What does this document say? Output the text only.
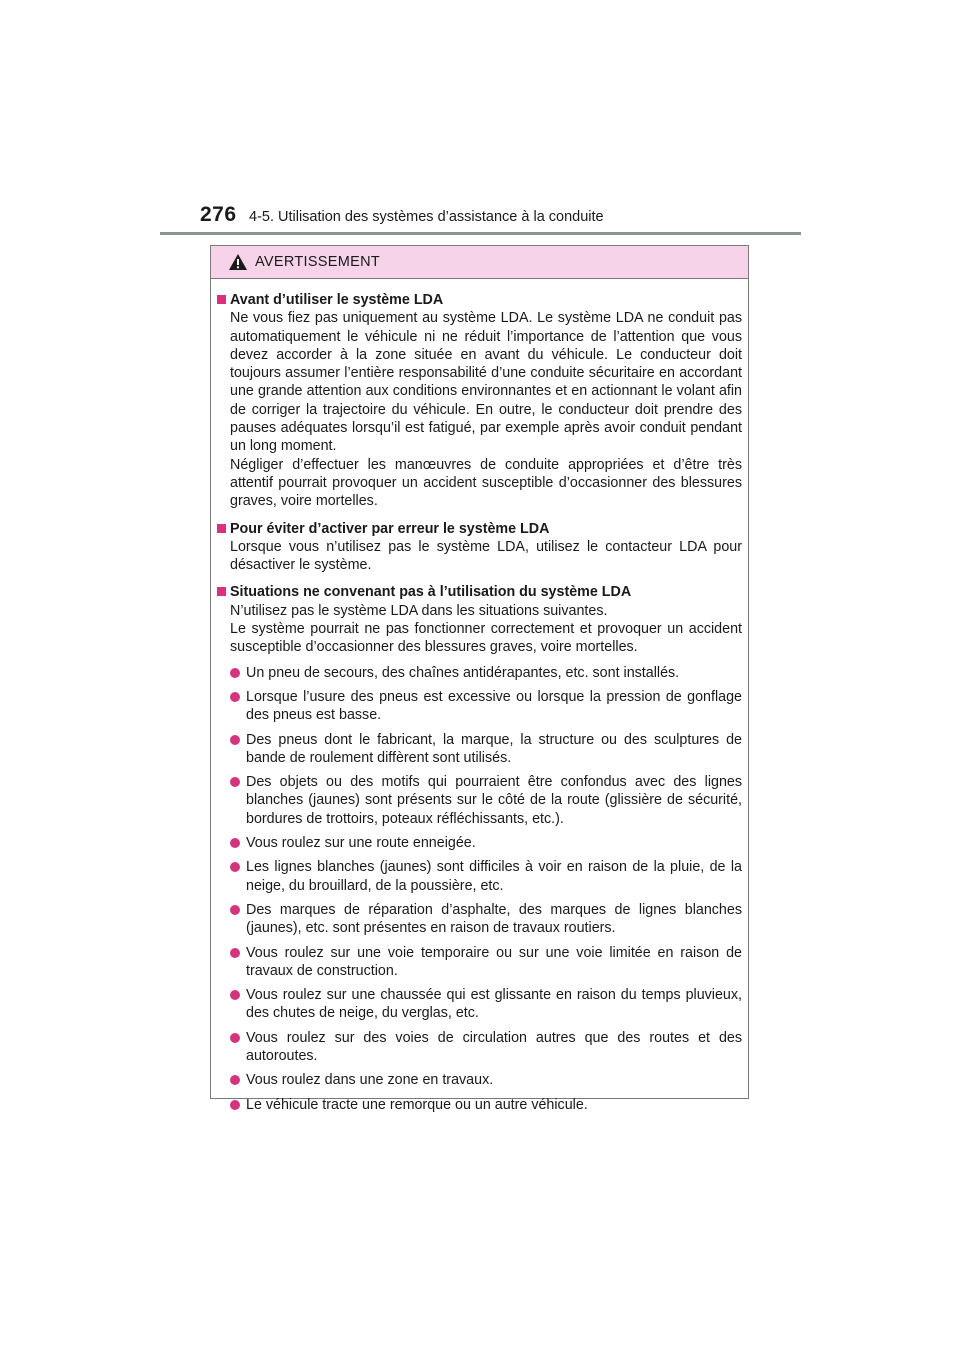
276 4-5. Utilisation des systèmes d’assistance à la conduite
AVERTISSEMENT
Avant d’utiliser le système LDA
Ne vous fiez pas uniquement au système LDA. Le système LDA ne conduit pas automatiquement le véhicule ni ne réduit l’importance de l’attention que vous devez accorder à la zone située en avant du véhicule. Le conducteur doit toujours assumer l’entière responsabilité d’une conduite sécuritaire en accordant une grande attention aux conditions environnantes et en actionnant le volant afin de corriger la trajectoire du véhicule. En outre, le conducteur doit prendre des pauses adéquates lorsqu’il est fatigué, par exemple après avoir conduit pendant un long moment.
Négliger d’effectuer les manœuvres de conduite appropriées et d’être très attentif pourrait provoquer un accident susceptible d’occasionner des blessures graves, voire mortelles.
Pour éviter d’activer par erreur le système LDA
Lorsque vous n’utilisez pas le système LDA, utilisez le contacteur LDA pour désactiver le système.
Situations ne convenant pas à l’utilisation du système LDA
N’utilisez pas le système LDA dans les situations suivantes.
Le système pourrait ne pas fonctionner correctement et provoquer un accident susceptible d’occasionner des blessures graves, voire mortelles.
Un pneu de secours, des chaînes antidérapantes, etc. sont installés.
Lorsque l’usure des pneus est excessive ou lorsque la pression de gonflage des pneus est basse.
Des pneus dont le fabricant, la marque, la structure ou des sculptures de bande de roulement diffèrent sont utilisés.
Des objets ou des motifs qui pourraient être confondus avec des lignes blanches (jaunes) sont présents sur le côté de la route (glissière de sécurité, bordures de trottoirs, poteaux réfléchissants, etc.).
Vous roulez sur une route enneigée.
Les lignes blanches (jaunes) sont difficiles à voir en raison de la pluie, de la neige, du brouillard, de la poussière, etc.
Des marques de réparation d’asphalte, des marques de lignes blanches (jaunes), etc. sont présentes en raison de travaux routiers.
Vous roulez sur une voie temporaire ou sur une voie limitée en raison de travaux de construction.
Vous roulez sur une chaussée qui est glissante en raison du temps pluvieux, des chutes de neige, du verglas, etc.
Vous roulez sur des voies de circulation autres que des routes et des autoroutes.
Vous roulez dans une zone en travaux.
Le véhicule tracte une remorque ou un autre véhicule.
